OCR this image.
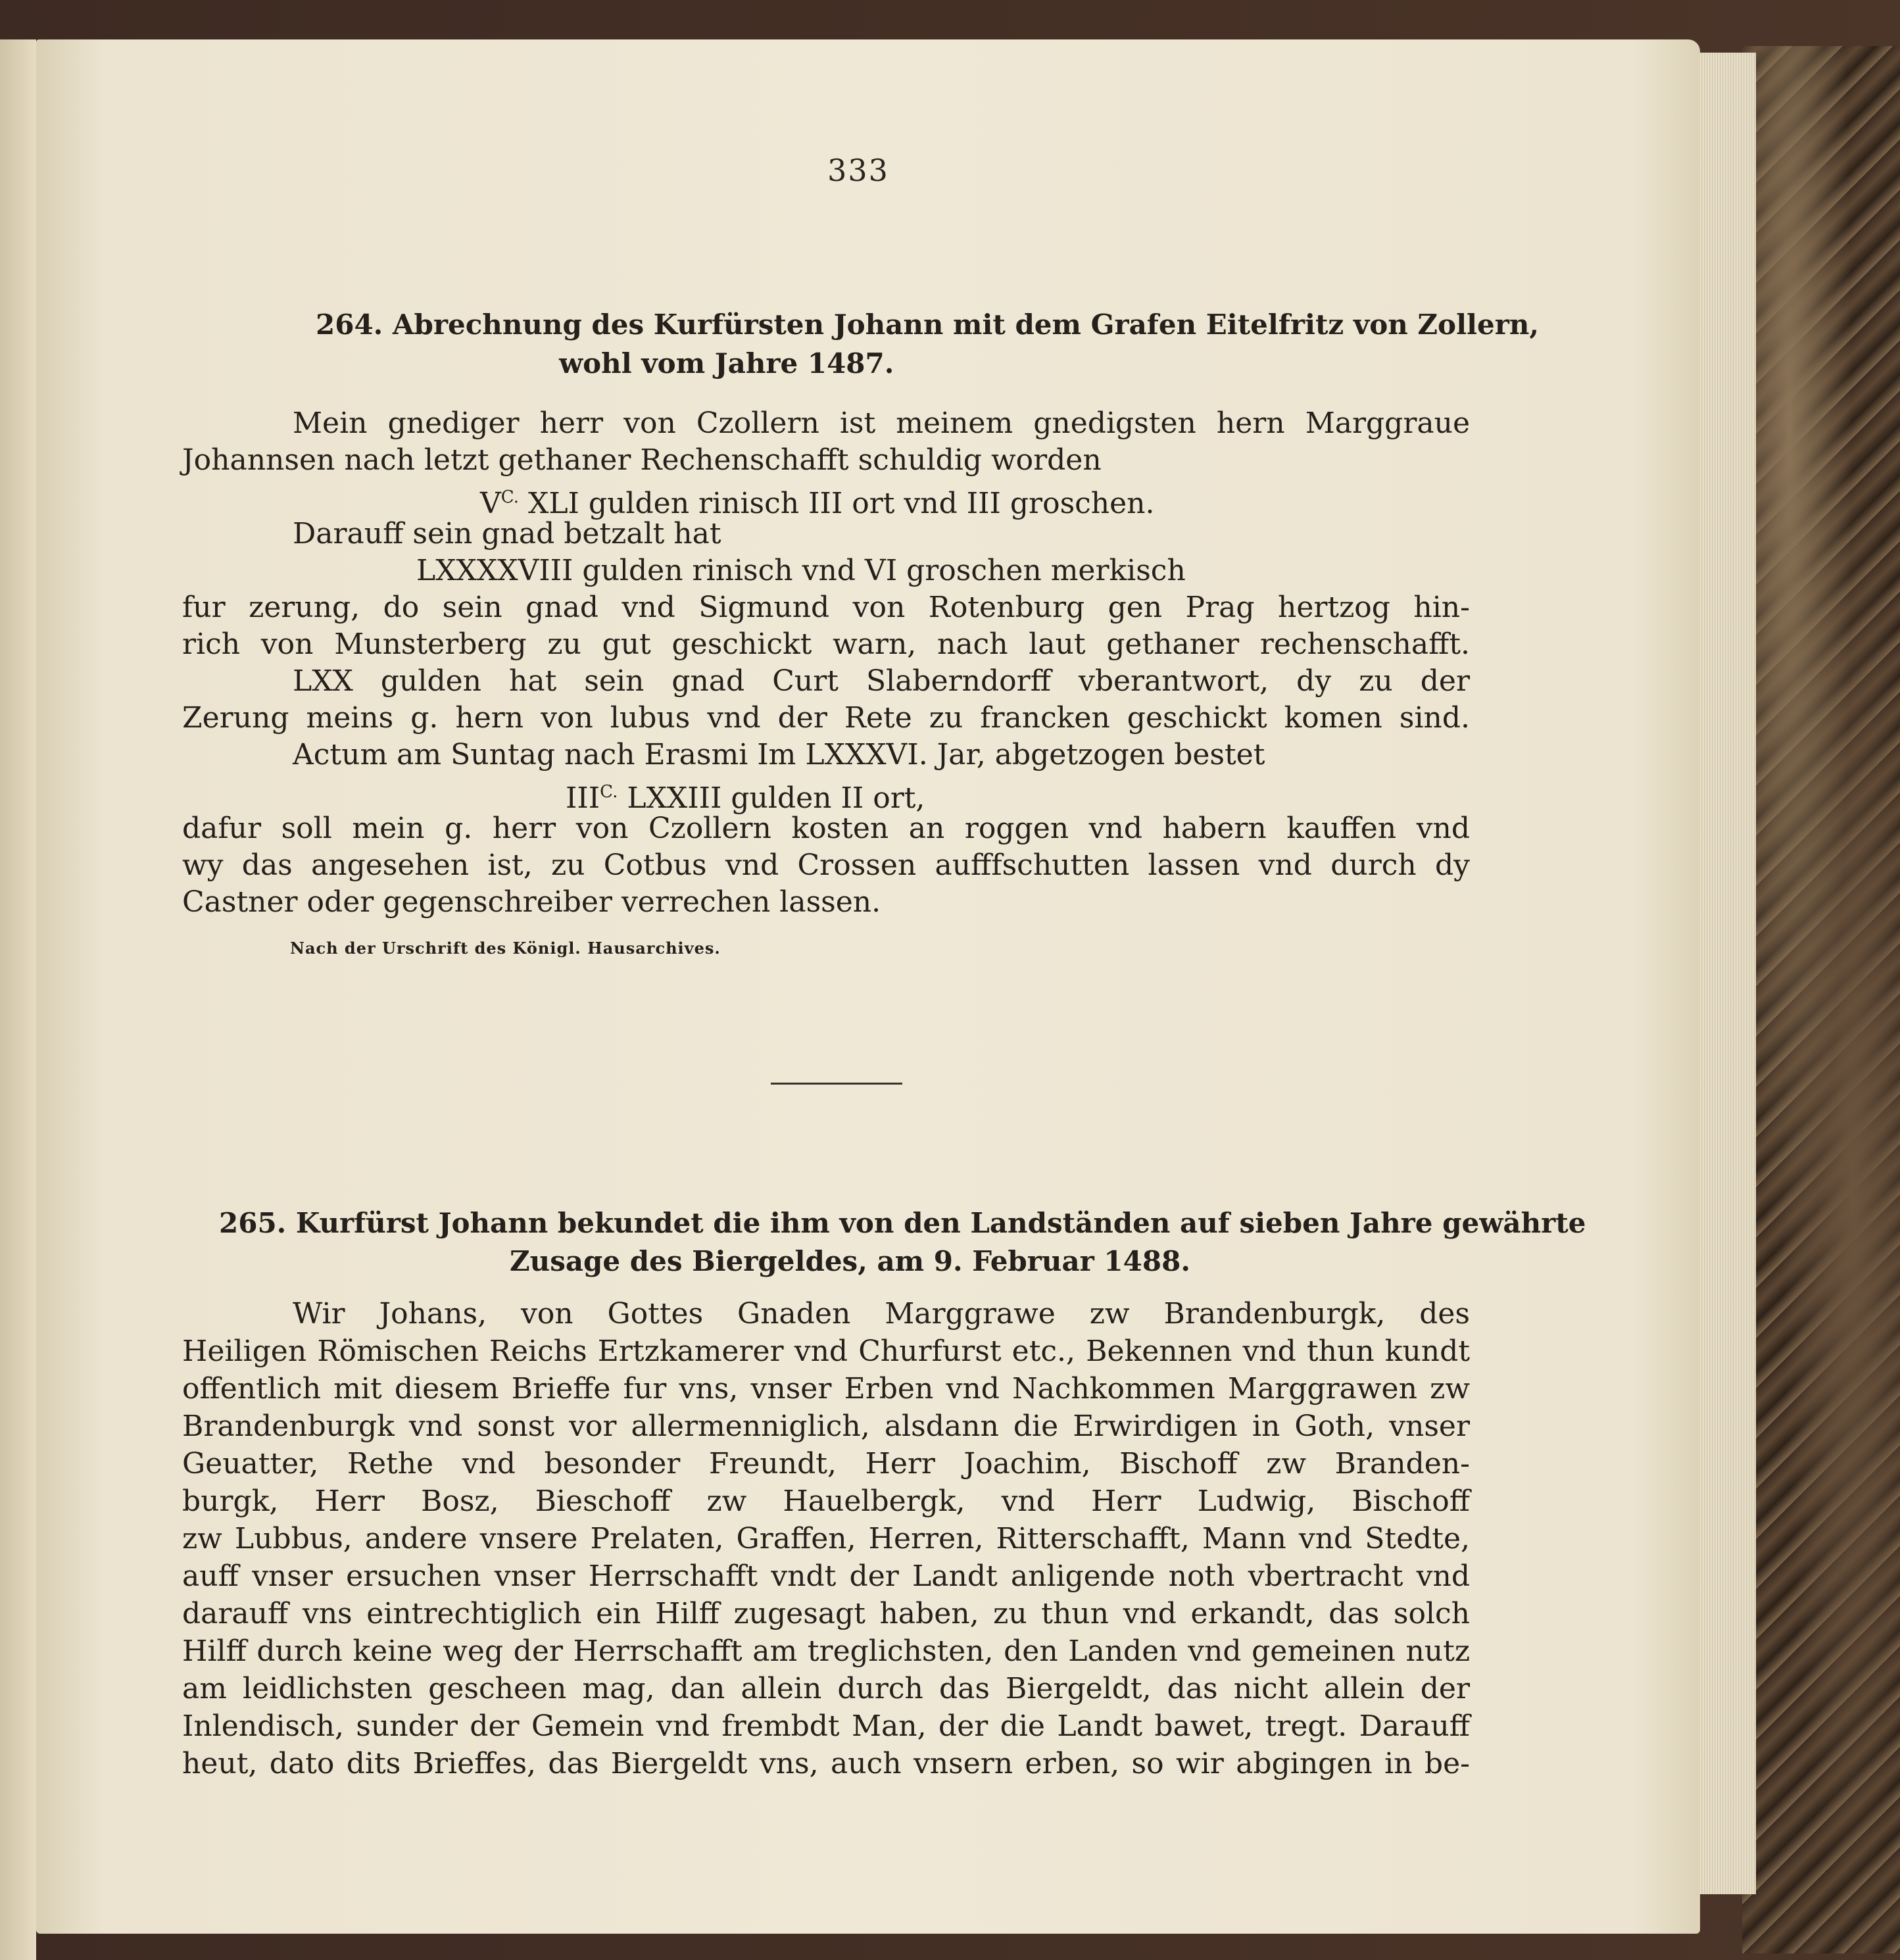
333
264. Abrechnung des Kurfürsten Johann mit dem Grafen Eitelfritz von Zollern,
wohl vom Jahre 1487.
Mein gnediger herr von Czollern ist meinem gnedigsten hern Marggraue
Johannsen nach letzt gethaner Rechenschafft schuldig worden
$V^{C.}$ XLI gulden rinisch III ort vnd III groschen.
Darauff sein gnad betzalt hat
LXXXXVIII gulden rinisch vnd VI groschen merkisch
fur zerung, do sein gnad vnd Sigmund von Rotenburg gen Prag hertzog hin-
rich von Munsterberg zu gut geschickt warn, nach laut gethaner rechenschafft.
LXX gulden hat sein gnad Curt Slaberndorff vberantwort, dy zu der
Zerung meins g. hern von lubus vnd der Rete zu francken geschickt komen sind.
Actum am Suntag nach Erasmi Im LXXXVI. Jar, abgetzogen bestet
$III^{C.}$ LXXIII gulden II ort,
dafur soll mein g. herr von Czollern kosten an roggen vnd habern kauffen vnd
wy das angesehen ist, zu Cotbus vnd Crossen aufffschutten lassen vnd durch dy
Castner oder gegenschreiber verrechen lassen.
Nach der Urschrift des Königl. Hausarchives.
265. Kurfürst Johann bekundet die ihm von den Landständen auf sieben Jahre gewährte
Zusage des Biergeldes, am 9. Februar 1488.
Wir Johans, von Gottes Gnaden Marggrawe zw Brandenburgk, des
Heiligen Römischen Reichs Ertzkamerer vnd Churfurst etc., Bekennen vnd thun kundt
offentlich mit diesem Brieffe fur vns, vnser Erben vnd Nachkommen Marggrawen zw
Brandenburgk vnd sonst vor allermenniglich, alsdann die Erwirdigen in Goth, vnser
Geuatter, Rethe vnd besonder Freundt, Herr Joachim, Bischoff zw Branden-
burgk, Herr Bosz, Bieschoff zw Hauelbergk, vnd Herr Ludwig, Bischoff
zw Lubbus, andere vnsere Prelaten, Graffen, Herren, Ritterschafft, Mann vnd Stedte,
auff vnser ersuchen vnser Herrschafft vndt der Landt anligende noth vbertracht vnd
darauff vns eintrechtiglich ein Hilff zugesagt haben, zu thun vnd erkandt, das solch
Hilff durch keine weg der Herrschafft am treglichsten, den Landen vnd gemeinen nutz
am leidlichsten gescheen mag, dan allein durch das Biergeldt, das nicht allein der
Inlendisch, sunder der Gemein vnd frembdt Man, der die Landt bawet, tregt. Darauff
heut, dato dits Brieffes, das Biergeldt vns, auch vnsern erben, so wir abgingen in be-
